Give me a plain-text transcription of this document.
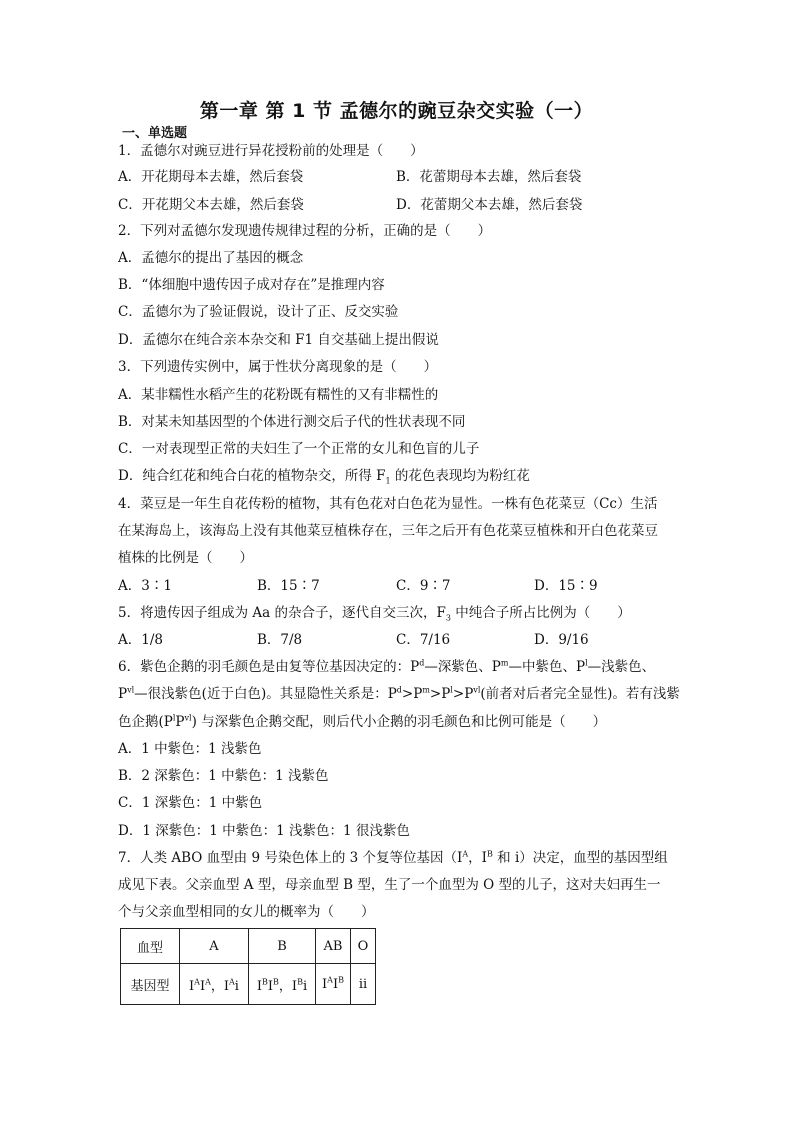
第一章 第 1 节 孟德尔的豌豆杂交实验（一）
一、单选题
1．孟德尔对豌豆进行异花授粉前的处理是（　　）
A．开花期母本去雄，然后套袋	B．花蕾期母本去雄，然后套袋
C．开花期父本去雄，然后套袋	D．花蕾期父本去雄，然后套袋
2．下列对孟德尔发现遗传规律过程的分析，正确的是（　　）
A．孟德尔的提出了基因的概念
B．“体细胞中遗传因子成对存在”是推理内容
C．孟德尔为了验证假说，设计了正、反交实验
D．孟德尔在纯合亲本杂交和 F1 自交基础上提出假说
3．下列遗传实例中，属于性状分离现象的是（　　）
A．某非糯性水稻产生的花粉既有糯性的又有非糯性的
B．对某未知基因型的个体进行测交后子代的性状表现不同
C．一对表现型正常的夫妇生了一个正常的女儿和色盲的儿子
D．纯合红花和纯合白花的植物杂交，所得 $F_1$ 的花色表现均为粉红花
4．菜豆是一年生自花传粉的植物，其有色花对白色花为显性。一株有色花菜豆（Cc）生活
在某海岛上，该海岛上没有其他菜豆植株存在，三年之后开有色花菜豆植株和开白色花菜豆
植株的比例是（　　）
A．3∶1	B．15∶7	C．9∶7	D．15∶9
5．将遗传因子组成为 Aa 的杂合子，逐代自交三次，$F_3$ 中纯合子所占比例为（　　）
A．1/8	B．7/8	C．7/16	D．9/16
6．紫色企鹅的羽毛颜色是由复等位基因决定的：$P^d—$深紫色、$P^m—$中紫色、$P^l—$浅紫色、
$P^{vl}—$很浅紫色(近于白色)。其显隐性关系是：$P^d>P^m>P^l>P^{vl}$(前者对后者完全显性)。若有浅紫
色企鹅$(P^lP^{vl})$ 与深紫色企鹅交配，则后代小企鹅的羽毛颜色和比例可能是（　　）
A．1 中紫色：1 浅紫色
B．2 深紫色：1 中紫色：1 浅紫色
C．1 深紫色：1 中紫色
D．1 深紫色：1 中紫色：1 浅紫色：1 很浅紫色
7．人类 ABO 血型由 9 号染色体上的 3 个复等位基因（$I^A$，$I^B$ 和 i）决定，血型的基因型组
成见下表。父亲血型 A 型，母亲血型 B 型，生了一个血型为 O 型的儿子，这对夫妇再生一
个与父亲血型相同的女儿的概率为（　　）
血型	A	B	AB	O
基因型	$I^AI^A$，$I^Ai$	$I^BI^B$，$I^Bi$	$I^AI^B$	ii
